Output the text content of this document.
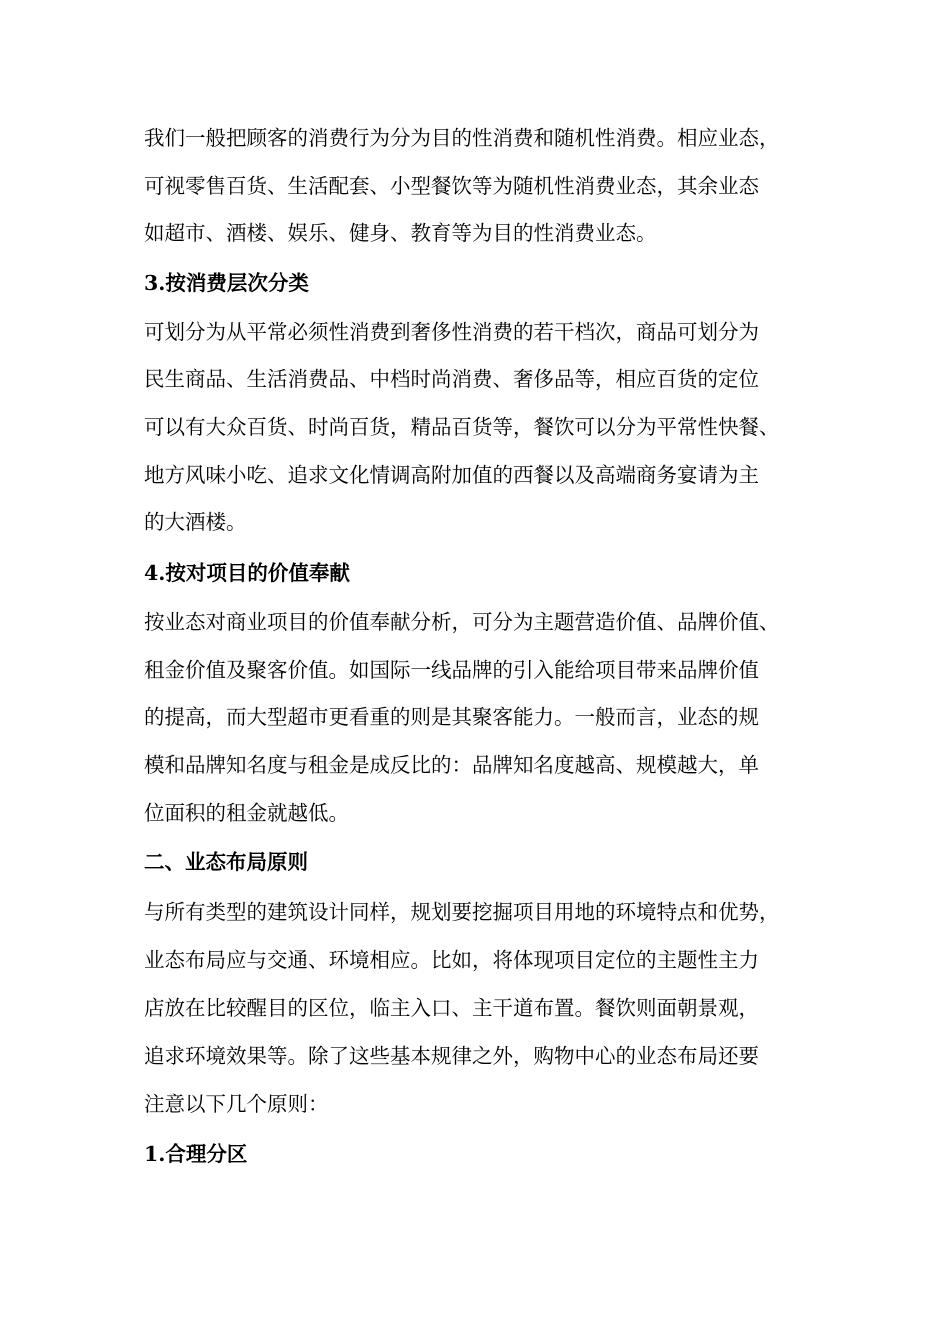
我们一般把顾客的消费行为分为目的性消费和随机性消费。相应业态，
可视零售百货、生活配套、小型餐饮等为随机性消费业态，其余业态
如超市、酒楼、娱乐、健身、教育等为目的性消费业态。
3.按消费层次分类
可划分为从平常必须性消费到奢侈性消费的若干档次，商品可划分为
民生商品、生活消费品、中档时尚消费、奢侈品等，相应百货的定位
可以有大众百货、时尚百货，精品百货等，餐饮可以分为平常性快餐、
地方风味小吃、追求文化情调高附加值的西餐以及高端商务宴请为主
的大酒楼。
4.按对项目的价值奉献
按业态对商业项目的价值奉献分析，可分为主题营造价值、品牌价值、
租金价值及聚客价值。如国际一线品牌的引入能给项目带来品牌价值
的提高，而大型超市更看重的则是其聚客能力。一般而言，业态的规
模和品牌知名度与租金是成反比的：品牌知名度越高、规模越大，单
位面积的租金就越低。
二、业态布局原则
与所有类型的建筑设计同样，规划要挖掘项目用地的环境特点和优势，
业态布局应与交通、环境相应。比如，将体现项目定位的主题性主力
店放在比较醒目的区位，临主入口、主干道布置。餐饮则面朝景观，
追求环境效果等。除了这些基本规律之外，购物中心的业态布局还要
注意以下几个原则：
1.合理分区
